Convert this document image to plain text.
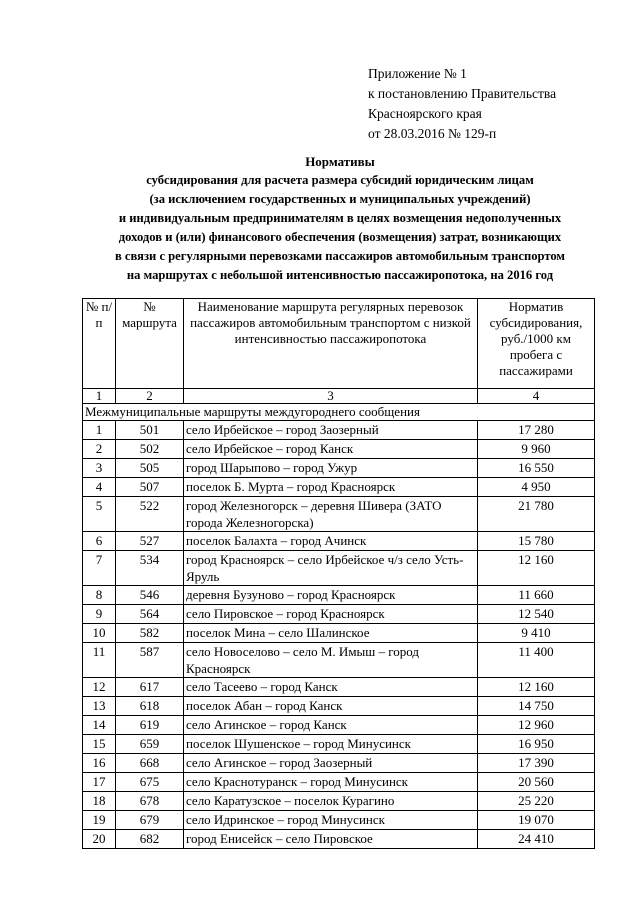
Приложение № 1
к постановлению Правительства
Красноярского края
от 28.03.2016 № 129-п
Нормативы
субсидирования для расчета размера субсидий юридическим лицам
(за исключением государственных и муниципальных учреждений)
и индивидуальным предпринимателям в целях возмещения недополученных
доходов и (или) финансового обеспечения (возмещения) затрат, возникающих
в связи с регулярными перевозками пассажиров автомобильным транспортом
на маршрутах с небольшой интенсивностью пассажиропотока, на 2016 год
№ п/п	№ маршрута	Наименование маршрута регулярных перевозок пассажиров автомобильным транспортом с низкой интенсивностью пассажиропотока	Норматив субсидирования, руб./1000 км пробега с пассажирами
1	2	3	4
Межмуниципальные маршруты междугороднего сообщения			
1	501	село Ирбейское – город Заозерный	17 280
2	502	село Ирбейское – город Канск	9 960
3	505	город Шарыпово – город Ужур	16 550
4	507	поселок Б. Мурта – город Красноярск	4 950
5	522	город Железногорск – деревня Шивера (ЗАТО города Железногорска)	21 780
6	527	поселок Балахта – город Ачинск	15 780
7	534	город Красноярск – село Ирбейское ч/з село Усть-Яруль	12 160
8	546	деревня Бузуново – город Красноярск	11 660
9	564	село Пировское – город Красноярск	12 540
10	582	поселок Мина – село Шалинское	9 410
11	587	село Новоселово – село М. Имыш – город Красноярск	11 400
12	617	село Тасеево – город Канск	12 160
13	618	поселок Абан – город Канск	14 750
14	619	село Агинское – город Канск	12 960
15	659	поселок Шушенское – город Минусинск	16 950
16	668	село Агинское – город Заозерный	17 390
17	675	село Краснотуранск – город Минусинск	20 560
18	678	село Каратузское – поселок Курагино	25 220
19	679	село Идринское – город Минусинск	19 070
20	682	город Енисейск – село Пировское	24 410
